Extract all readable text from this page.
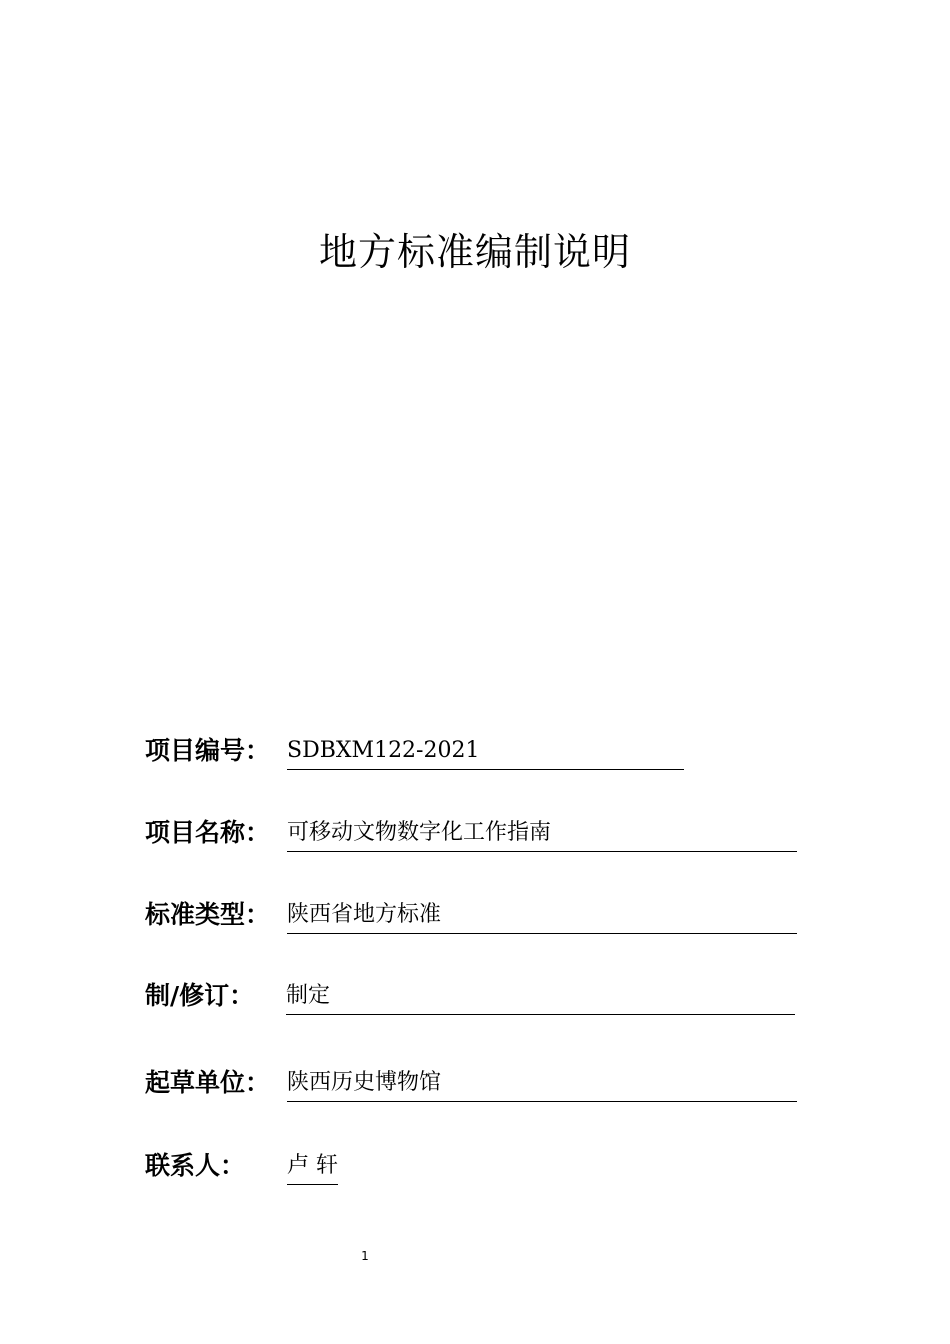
地方标准编制说明
项目编号： SDBXM122-2021
项目名称： 可移动文物数字化工作指南
标准类型： 陕西省地方标准
制/修订： 制定
起草单位： 陕西历史博物馆
联系人： 卢 轩
1
